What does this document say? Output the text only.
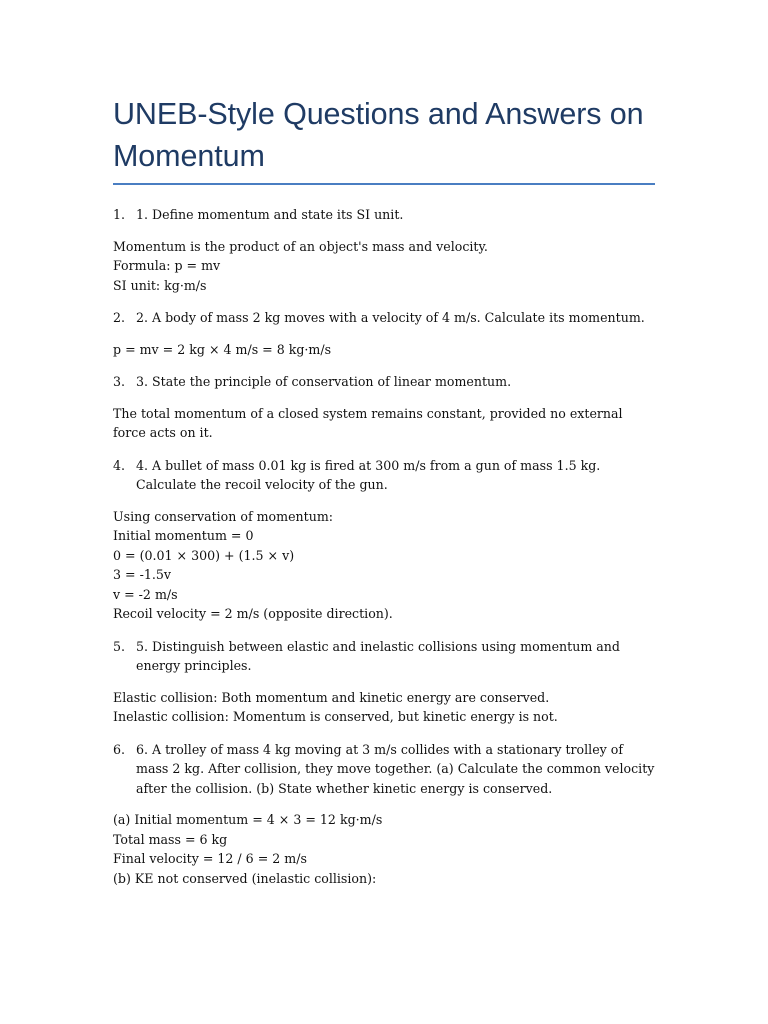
UNEB-Style Questions and Answers on Momentum
1. 1. Define momentum and state its SI unit.
Momentum is the product of an object's mass and velocity.
Formula: p = mv
SI unit: kg·m/s
2. 2. A body of mass 2 kg moves with a velocity of 4 m/s. Calculate its momentum.
p = mv = 2 kg × 4 m/s = 8 kg·m/s
3. 3. State the principle of conservation of linear momentum.
The total momentum of a closed system remains constant, provided no external force acts on it.
4. 4. A bullet of mass 0.01 kg is fired at 300 m/s from a gun of mass 1.5 kg. Calculate the recoil velocity of the gun.
Using conservation of momentum:
Initial momentum = 0
0 = (0.01 × 300) + (1.5 × v)
3 = -1.5v
v = -2 m/s
Recoil velocity = 2 m/s (opposite direction).
5. 5. Distinguish between elastic and inelastic collisions using momentum and energy principles.
Elastic collision: Both momentum and kinetic energy are conserved.
Inelastic collision: Momentum is conserved, but kinetic energy is not.
6. 6. A trolley of mass 4 kg moving at 3 m/s collides with a stationary trolley of mass 2 kg. After collision, they move together. (a) Calculate the common velocity after the collision. (b) State whether kinetic energy is conserved.
(a) Initial momentum = 4 × 3 = 12 kg·m/s
Total mass = 6 kg
Final velocity = 12 / 6 = 2 m/s
(b) KE not conserved (inelastic collision):
